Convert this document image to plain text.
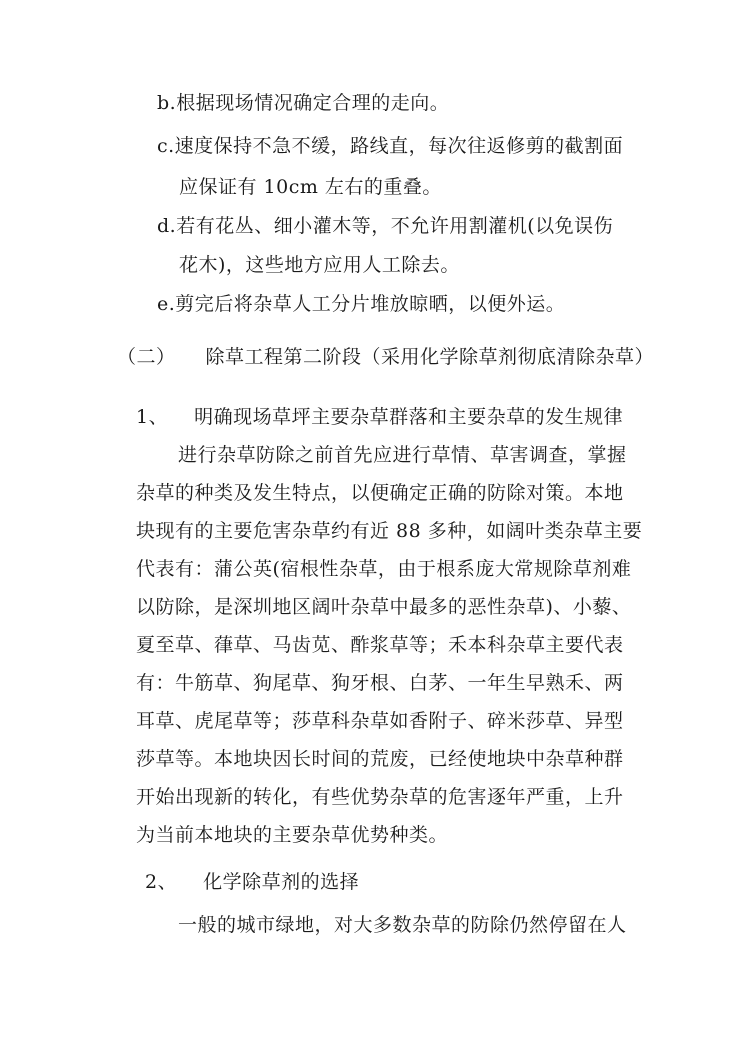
b.根据现场情况确定合理的走向。
c.速度保持不急不缓，路线直，每次往返修剪的截割面
应保证有 10cm 左右的重叠。
d.若有花丛、细小灌木等，不允许用割灌机(以免误伤
花木)，这些地方应用人工除去。
e.剪完后将杂草人工分片堆放晾晒，以便外运。
（二） 除草工程第二阶段（采用化学除草剂彻底清除杂草）
1、 明确现场草坪主要杂草群落和主要杂草的发生规律
进行杂草防除之前首先应进行草情、草害调查，掌握
杂草的种类及发生特点，以便确定正确的防除对策。本地
块现有的主要危害杂草约有近 88 多种，如阔叶类杂草主要
代表有：蒲公英(宿根性杂草，由于根系庞大常规除草剂难
以防除，是深圳地区阔叶杂草中最多的恶性杂草)、小藜、
夏至草、葎草、马齿苋、酢浆草等；禾本科杂草主要代表
有：牛筋草、狗尾草、狗牙根、白茅、一年生早熟禾、两
耳草、虎尾草等；莎草科杂草如香附子、碎米莎草、异型
莎草等。本地块因长时间的荒废，已经使地块中杂草种群
开始出现新的转化，有些优势杂草的危害逐年严重，上升
为当前本地块的主要杂草优势种类。
2、 化学除草剂的选择
一般的城市绿地，对大多数杂草的防除仍然停留在人
